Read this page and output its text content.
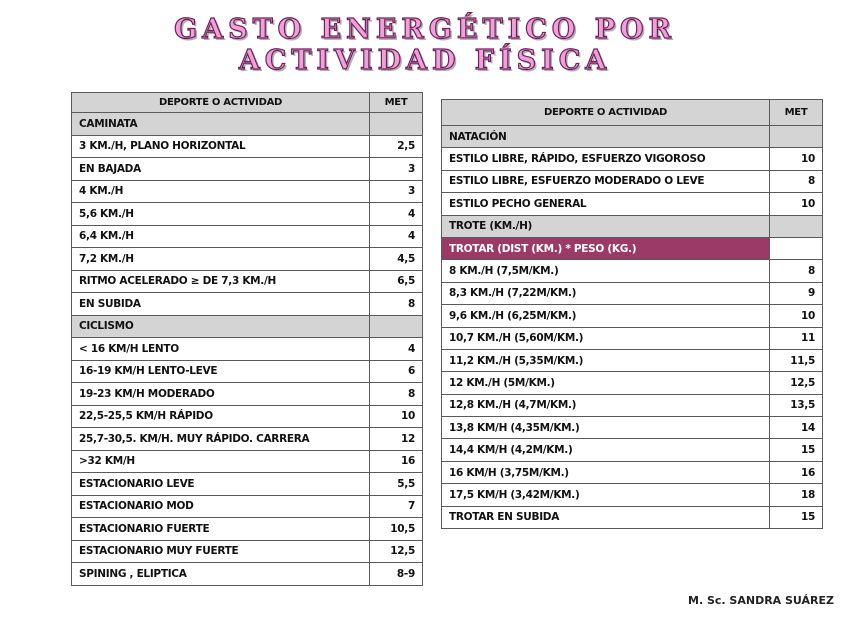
GASTO ENERGÉTICO POR
ACTIVIDAD FÍSICA
DEPORTE O ACTIVIDAD	MET
CAMINATA	
3 KM./H, PLANO HORIZONTAL	2,5
EN BAJADA	3
4 KM./H	3
5,6 KM./H	4
6,4 KM./H	4
7,2 KM./H	4,5
RITMO ACELERADO ≥ DE 7,3 KM./H	6,5
EN SUBIDA	8
CICLISMO	
< 16 KM/H LENTO	4
16-19 KM/H LENTO-LEVE	6
19-23 KM/H MODERADO	8
22,5-25,5 KM/H RÁPIDO	10
25,7-30,5. KM/H. MUY RÁPIDO. CARRERA	12
>32 KM/H	16
ESTACIONARIO LEVE	5,5
ESTACIONARIO MOD	7
ESTACIONARIO FUERTE	10,5
ESTACIONARIO MUY FUERTE	12,5
SPINING , ELIPTICA	8-9
DEPORTE O ACTIVIDAD	MET
NATACIÓN	
ESTILO LIBRE, RÁPIDO, ESFUERZO VIGOROSO	10
ESTILO LIBRE, ESFUERZO MODERADO O LEVE	8
ESTILO PECHO GENERAL	10
TROTE (KM./H)	
TROTAR (DIST (KM.) * PESO (KG.)	
8 KM./H (7,5M/KM.)	8
8,3 KM./H (7,22M/KM.)	9
9,6 KM./H (6,25M/KM.)	10
10,7 KM./H (5,60M/KM.)	11
11,2 KM./H (5,35M/KM.)	11,5
12 KM./H (5M/KM.)	12,5
12,8 KM./H (4,7M/KM.)	13,5
13,8 KM/H (4,35M/KM.)	14
14,4 KM/H (4,2M/KM.)	15
16 KM/H (3,75M/KM.)	16
17,5 KM/H (3,42M/KM.)	18
TROTAR EN SUBIDA	15
M. Sc. SANDRA SUÁREZ
